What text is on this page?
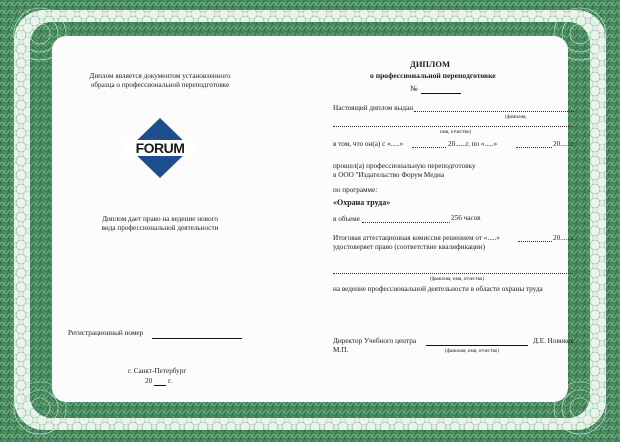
Диплом является документом установленного
образца о профессиональной переподготовке
FORUM
Диплом дает право на ведение нового
вида профессиональной деятельности
Регистрационный номер
г. Санкт-Петербург
20 г.
ДИПЛОМ
о профессиональной переподготовке
№
Настоящий диплом выдан
(фамилия,
имя, отчество)
в том, что он(а) с «.....»	20......г. по «.....»	20......г.
прошел(а) профессиональную переподготовку
в ООО "Издательство Форум Медиа
по программе:
«Охрана труда»
в объеме	256 часов
Итоговая аттестационная комиссия решением от «.....»	20......г.
удостоверяет право (соответствие квалификации)
(фамилия, имя, отчество)
на ведение профессиональной деятельности в области охраны труда
Директор Учебного центра	Д.Е. Новиков
(фамилия, имя, отчество)
М.П.
